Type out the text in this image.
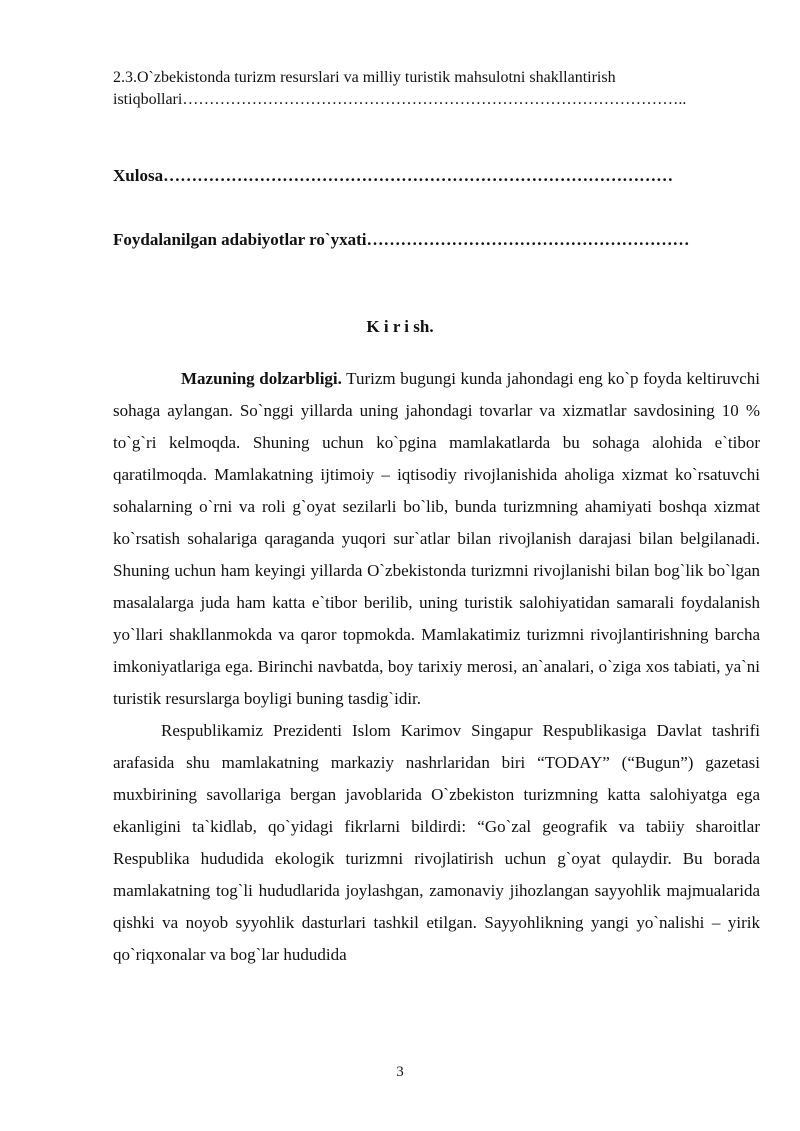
2.3.O`zbekistonda turizm resurslari va milliy turistik mahsulotni shakllantirish
istiqbollari…………………………………………………………………………………..
Xulosa………………………………………………………………………………
Foydalanilgan adabiyotlar ro`yxati…………………………………………………
K i r i sh.

Mazuning dolzarbligi. Turizm bugungi kunda jahondagi eng ko`p foyda keltiruvchi sohaga aylangan. So`nggi yillarda uning jahondagi tovarlar va xizmatlar savdosining 10 % to`g`ri kelmoqda. Shuning uchun ko`pgina mamlakatlarda bu sohaga alohida e`tibor qaratilmoqda. Mamlakatning ijtimoiy – iqtisodiy rivojlanishida aholiga xizmat ko`rsatuvchi sohalarning o`rni va roli g`oyat sezilarli bo`lib, bunda turizmning ahamiyati boshqa xizmat ko`rsatish sohalariga qaraganda yuqori sur`atlar bilan rivojlanish darajasi bilan belgilanadi. Shuning uchun ham keyingi yillarda O`zbekistonda turizmni rivojlanishi bilan bog`lik bo`lgan masalalarga juda ham katta e`tibor berilib, uning turistik salohiyatidan samarali foydalanish yo`llari shakllanmokda va qaror topmokda. Mamlakatimiz turizmni rivojlantirishning barcha imkoniyatlariga ega. Birinchi navbatda, boy tarixiy merosi, an`analari, o`ziga xos tabiati, ya`ni turistik resurslarga boyligi buning tasdig`idir.

Respublikamiz Prezidenti Islom Karimov Singapur Respublikasiga Davlat tashrifi arafasida shu mamlakatning markaziy nashrlaridan biri “TODAY” (“Bugun”) gazetasi muxbirining savollariga bergan javoblarida O`zbekiston turizmning katta salohiyatga ega ekanligini ta`kidlab, qo`yidagi fikrlarni bildirdi: “Go`zal geografik va tabiiy sharoitlar Respublika hududida ekologik turizmni rivojlatirish uchun g`oyat qulaydir. Bu borada mamlakatning tog`li hududlarida joylashgan, zamonaviy jihozlangan sayyohlik majmualarida qishki va noyob syyohlik dasturlari tashkil etilgan. Sayyohlikning yangi yo`nalishi – yirik qo`riqxonalar va bog`lar hududida

3
